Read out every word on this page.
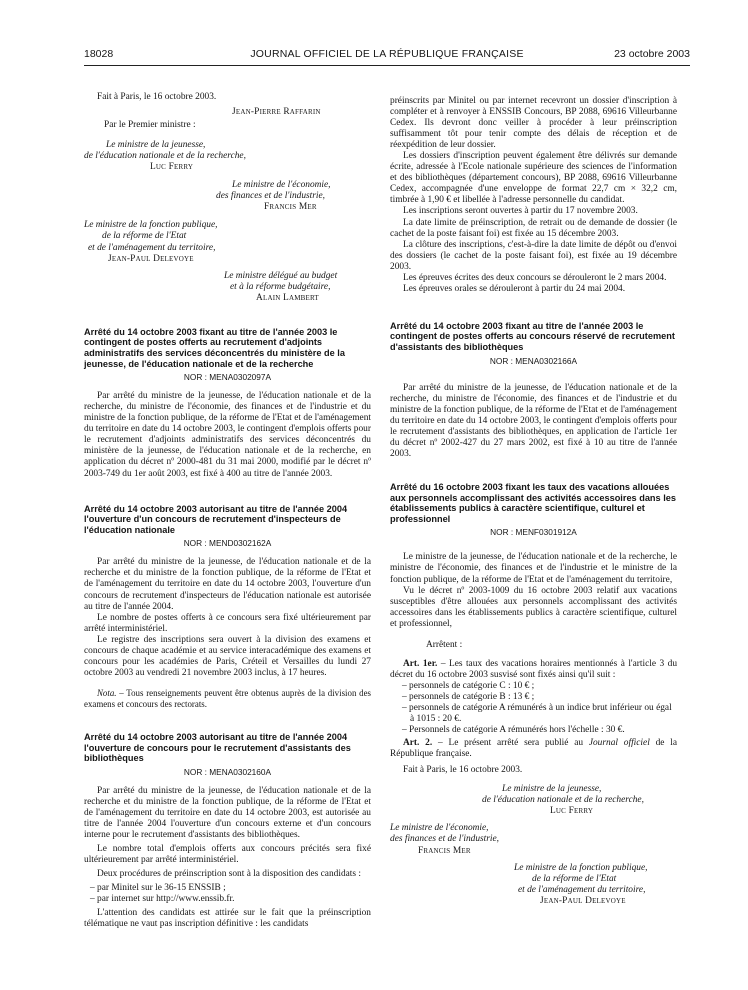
18028	JOURNAL OFFICIEL DE LA RÉPUBLIQUE FRANÇAISE	23 octobre 2003

Fait à Paris, le 16 octobre 2003.

Jean-Pierre Raffarin

Par le Premier ministre :

Le ministre de la jeunesse,

de l'éducation nationale et de la recherche,

Luc Ferry

Le ministre de l'économie,

des finances et de l'industrie,

Francis Mer

Le ministre de la fonction publique,

de la réforme de l'Etat

et de l'aménagement du territoire,

Jean-Paul Delevoye

Le ministre délégué au budget

et à la réforme budgétaire,

Alain Lambert

Arrêté du 14 octobre 2003 fixant au titre de l'année 2003 le contingent de postes offerts au recrutement d'adjoints administratifs des services déconcentrés du ministère de la jeunesse, de l'éducation nationale et de la recherche

NOR : MENA0302097A

Par arrêté du ministre de la jeunesse, de l'éducation nationale et de la recherche, du ministre de l'économie, des finances et de l'industrie et du ministre de la fonction publique, de la réforme de l'Etat et de l'aménagement du territoire en date du 14 octobre 2003, le contingent d'emplois offerts pour le recrutement d'adjoints administratifs des services déconcentrés du ministère de la jeunesse, de l'éducation nationale et de la recherche, en application du décret nº 2000-481 du 31 mai 2000, modifié par le décret nº 2003-749 du 1er août 2003, est fixé à 400 au titre de l'année 2003.

Arrêté du 14 octobre 2003 autorisant au titre de l'année 2004 l'ouverture d'un concours de recrutement d'inspecteurs de l'éducation nationale

NOR : MEND0302162A

Par arrêté du ministre de la jeunesse, de l'éducation nationale et de la recherche et du ministre de la fonction publique, de la réforme de l'Etat et de l'aménagement du territoire en date du 14 octobre 2003, l'ouverture d'un concours de recrutement d'inspecteurs de l'éducation nationale est autorisée au titre de l'année 2004.

Le nombre de postes offerts à ce concours sera fixé ultérieurement par arrêté interministériel.

Le registre des inscriptions sera ouvert à la division des examens et concours de chaque académie et au service interacadémique des examens et concours pour les académies de Paris, Créteil et Versailles du lundi 27 octobre 2003 au vendredi 21 novembre 2003 inclus, à 17 heures.

Nota. – Tous renseignements peuvent être obtenus auprès de la division des examens et concours des rectorats.

Arrêté du 14 octobre 2003 autorisant au titre de l'année 2004 l'ouverture de concours pour le recrutement d'assistants des bibliothèques

NOR : MENA0302160A

Par arrêté du ministre de la jeunesse, de l'éducation nationale et de la recherche et du ministre de la fonction publique, de la réforme de l'Etat et de l'aménagement du territoire en date du 14 octobre 2003, est autorisée au titre de l'année 2004 l'ouverture d'un concours externe et d'un concours interne pour le recrutement d'assistants des bibliothèques.

Le nombre total d'emplois offerts aux concours précités sera fixé ultérieurement par arrêté interministériel.

Deux procédures de préinscription sont à la disposition des candidats :

– par Minitel sur le 36-15 ENSSIB ;

– par internet sur http://www.enssib.fr.

L'attention des candidats est attirée sur le fait que la préinscription télématique ne vaut pas inscription définitive : les candidats

préinscrits par Minitel ou par internet recevront un dossier d'inscription à compléter et à renvoyer à ENSSIB Concours, BP 2088, 69616 Villeurbanne Cedex. Ils devront donc veiller à procéder à leur préinscription suffisamment tôt pour tenir compte des délais de réception et de réexpédition de leur dossier.

Les dossiers d'inscription peuvent également être délivrés sur demande écrite, adressée à l'Ecole nationale supérieure des sciences de l'information et des bibliothèques (département concours), BP 2088, 69616 Villeurbanne Cedex, accompagnée d'une enveloppe de format 22,7 cm × 32,2 cm, timbrée à 1,90 € et libellée à l'adresse personnelle du candidat.

Les inscriptions seront ouvertes à partir du 17 novembre 2003.

La date limite de préinscription, de retrait ou de demande de dossier (le cachet de la poste faisant foi) est fixée au 15 décembre 2003.

La clôture des inscriptions, c'est-à-dire la date limite de dépôt ou d'envoi des dossiers (le cachet de la poste faisant foi), est fixée au 19 décembre 2003.

Les épreuves écrites des deux concours se dérouleront le 2 mars 2004.

Les épreuves orales se dérouleront à partir du 24 mai 2004.

Arrêté du 14 octobre 2003 fixant au titre de l'année 2003 le contingent de postes offerts au concours réservé de recrutement d'assistants des bibliothèques

NOR : MENA0302166A

Par arrêté du ministre de la jeunesse, de l'éducation nationale et de la recherche, du ministre de l'économie, des finances et de l'industrie et du ministre de la fonction publique, de la réforme de l'Etat et de l'aménagement du territoire en date du 14 octobre 2003, le contingent d'emplois offerts pour le recrutement d'assistants des bibliothèques, en application de l'article 1er du décret nº 2002-427 du 27 mars 2002, est fixé à 10 au titre de l'année 2003.

Arrêté du 16 octobre 2003 fixant les taux des vacations allouées aux personnels accomplissant des activités accessoires dans les établissements publics à caractère scientifique, culturel et professionnel

NOR : MENF0301912A

Le ministre de la jeunesse, de l'éducation nationale et de la recherche, le ministre de l'économie, des finances et de l'industrie et le ministre de la fonction publique, de la réforme de l'Etat et de l'aménagement du territoire,

Vu le décret nº 2003-1009 du 16 octobre 2003 relatif aux vacations susceptibles d'être allouées aux personnels accomplissant des activités accessoires dans les établissements publics à caractère scientifique, culturel et professionnel,

Arrêtent :

Art. 1er. – Les taux des vacations horaires mentionnés à l'article 3 du décret du 16 octobre 2003 susvisé sont fixés ainsi qu'il suit :

– personnels de catégorie C : 10 € ;

– personnels de catégorie B : 13 € ;

– personnels de catégorie A rémunérés à un indice brut inférieur ou égal à 1015 : 20 €.

– Personnels de catégorie A rémunérés hors l'échelle : 30 €.

Art. 2. – Le présent arrêté sera publié au Journal officiel de la République française.

Fait à Paris, le 16 octobre 2003.

Le ministre de la jeunesse,

de l'éducation nationale et de la recherche,

Luc Ferry

Le ministre de l'économie,

des finances et de l'industrie,

Francis Mer

Le ministre de la fonction publique,

de la réforme de l'Etat

et de l'aménagement du territoire,

Jean-Paul Delevoye
